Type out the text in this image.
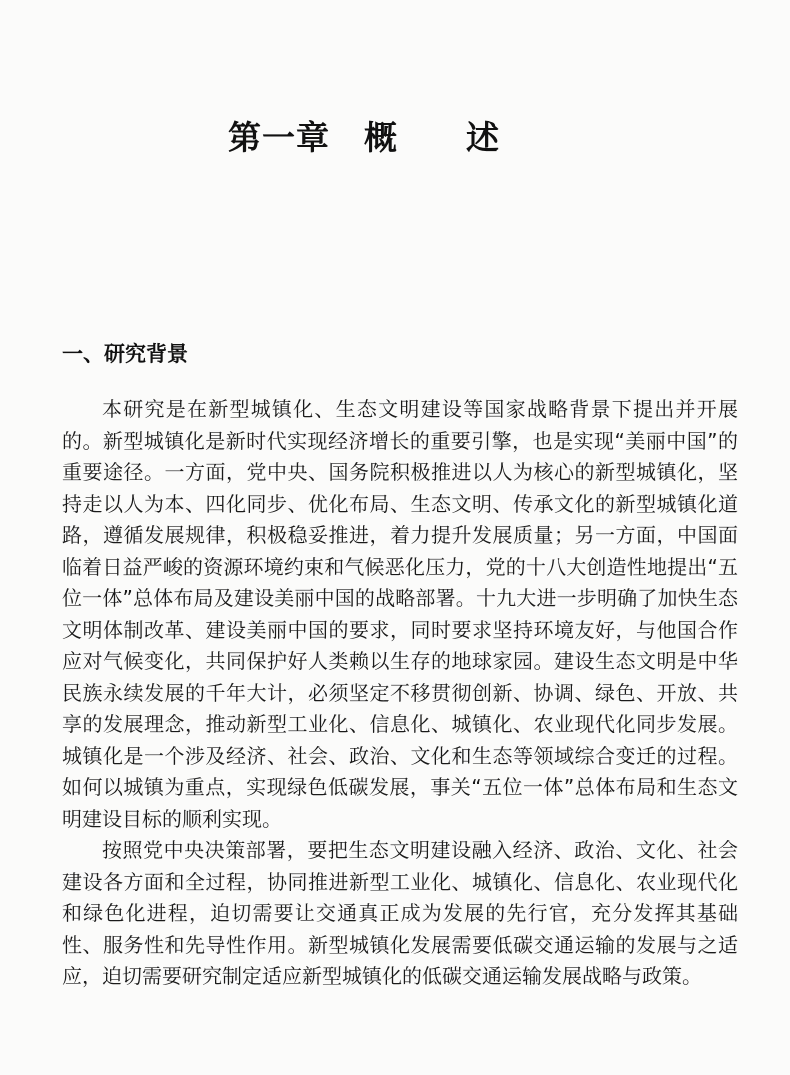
第一章　概　　述
一、研究背景

本研究是在新型城镇化、生态文明建设等国家战略背景下提出并开展的。新型城镇化是新时代实现经济增长的重要引擎，也是实现“美丽中国”的重要途径。一方面，党中央、国务院积极推进以人为核心的新型城镇化，坚持走以人为本、四化同步、优化布局、生态文明、传承文化的新型城镇化道路，遵循发展规律，积极稳妥推进，着力提升发展质量；另一方面，中国面临着日益严峻的资源环境约束和气候恶化压力，党的十八大创造性地提出“五位一体”总体布局及建设美丽中国的战略部署。十九大进一步明确了加快生态文明体制改革、建设美丽中国的要求，同时要求坚持环境友好，与他国合作应对气候变化，共同保护好人类赖以生存的地球家园。建设生态文明是中华民族永续发展的千年大计，必须坚定不移贯彻创新、协调、绿色、开放、共享的发展理念，推动新型工业化、信息化、城镇化、农业现代化同步发展。城镇化是一个涉及经济、社会、政治、文化和生态等领域综合变迁的过程。如何以城镇为重点，实现绿色低碳发展，事关“五位一体”总体布局和生态文明建设目标的顺利实现。

按照党中央决策部署，要把生态文明建设融入经济、政治、文化、社会建设各方面和全过程，协同推进新型工业化、城镇化、信息化、农业现代化和绿色化进程，迫切需要让交通真正成为发展的先行官，充分发挥其基础性、服务性和先导性作用。新型城镇化发展需要低碳交通运输的发展与之适应，迫切需要研究制定适应新型城镇化的低碳交通运输发展战略与政策。
